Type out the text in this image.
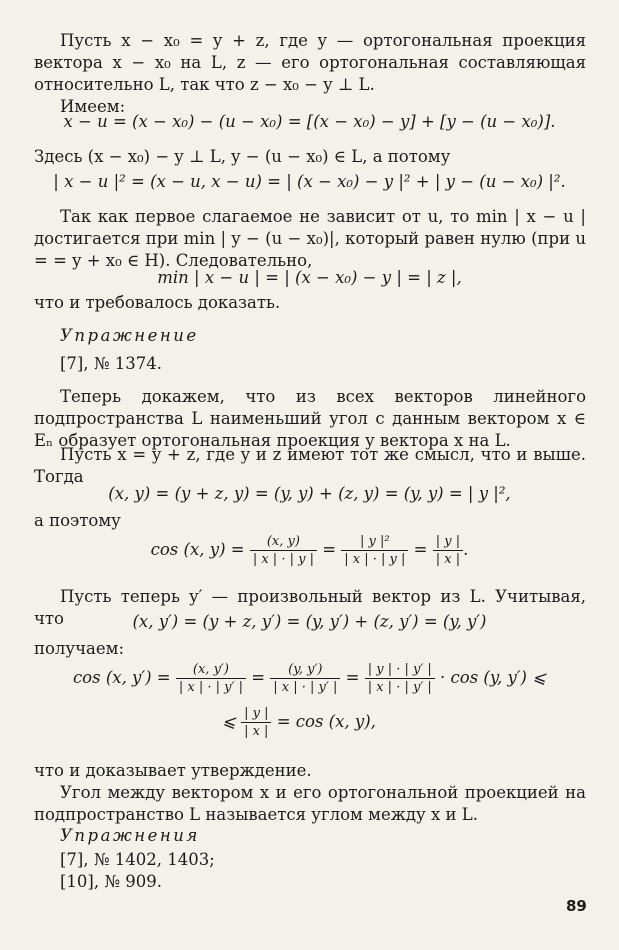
Пусть x − x₀ = y + z, где y — ортогональная проекция вектора x − x₀ на L, z — его ортогональная составляющая относительно L, так что z − x₀ − y ⊥ L.

Имеем:

x − u = (x − x₀) − (u − x₀) = [(x − x₀) − y] + [y − (u − x₀)].

Здесь (x − x₀) − y ⊥ L, y − (u − x₀) ∈ L, а потому

| x − u |² = (x − u, x − u) = | (x − x₀) − y |² + | y − (u − x₀) |².

Так как первое слагаемое не зависит от u, то min | x − u | достигается при min | y − (u − x₀)|, который равен нулю (при u = = y + x₀ ∈ H). Следовательно,

min | x − u | = | (x − x₀) − y | = | z |,

что и требовалось доказать.

Упражнение
[7], № 1374.

Теперь докажем, что из всех векторов линейного подпространства L наименьший угол с данным вектором x ∈ Eₙ образует ортогональная проекция y вектора x на L.

Пусть x = y + z, где y и z имеют тот же смысл, что и выше. Тогда

(x, y) = (y + z, y) = (y, y) + (z, y) = (y, y) = | y |²,

а поэтому

cos (x, $y) = \frac{(x, y)}{| x | \cdot | y |} = \frac{\text{| y |²}}{| x | \cdot | y |} = \frac{| y |}{| x |}$ .

Пусть теперь y′ — произвольный вектор из L. Учитывая, что	(x, y′) = (y + z, y′) = (y, y′) + (z, y′) = (y, y′)

получаем:

cos (x, $y') = \frac{(x, y')}{| x | \cdot | y' |} = \frac{(y, y')}{| x | \cdot | y' |} = \frac{| y | \cdot | y' |}{| x | \cdot | y' |} \cdot \cos (y$, y′) ⩽
⩽ $\frac{| y |}{| x |} = \cos (x$, y),

что и доказывает утверждение.

Угол между вектором x и его ортогональной проекцией на подпространство L называется углом между x и L.

Упражнения
[7], № 1402, 1403;
[10], № 909.
89
